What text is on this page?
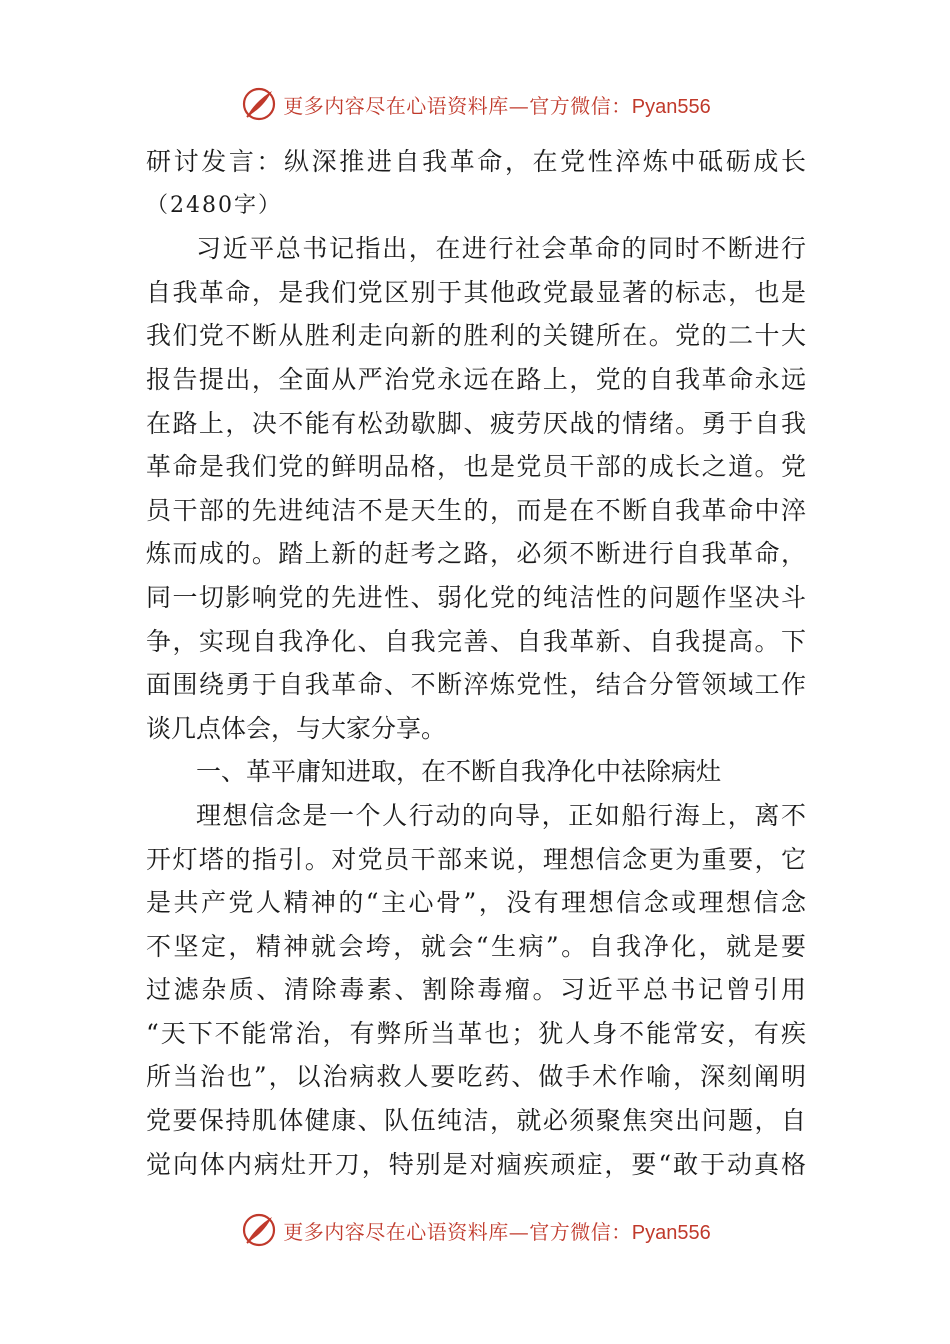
更多内容尽在心语资料库—官方微信：Pyan556
研讨发言：纵深推进自我革命，在党性淬炼中砥砺成长
（2480字）
习近平总书记指出，在进行社会革命的同时不断进行
自我革命，是我们党区别于其他政党最显著的标志，也是
我们党不断从胜利走向新的胜利的关键所在。党的二十大
报告提出，全面从严治党永远在路上，党的自我革命永远
在路上，决不能有松劲歇脚、疲劳厌战的情绪。勇于自我
革命是我们党的鲜明品格，也是党员干部的成长之道。党
员干部的先进纯洁不是天生的，而是在不断自我革命中淬
炼而成的。踏上新的赶考之路，必须不断进行自我革命，
同一切影响党的先进性、弱化党的纯洁性的问题作坚决斗
争，实现自我净化、自我完善、自我革新、自我提高。下
面围绕勇于自我革命、不断淬炼党性，结合分管领域工作
谈几点体会，与大家分享。
一、革平庸知进取，在不断自我净化中祛除病灶
理想信念是一个人行动的向导，正如船行海上，离不
开灯塔的指引。对党员干部来说，理想信念更为重要，它
是共产党人精神的“主心骨”，没有理想信念或理想信念
不坚定，精神就会垮，就会“生病”。自我净化，就是要
过滤杂质、清除毒素、割除毒瘤。习近平总书记曾引用
“天下不能常治，有弊所当革也；犹人身不能常安，有疾
所当治也”，以治病救人要吃药、做手术作喻，深刻阐明
党要保持肌体健康、队伍纯洁，就必须聚焦突出问题，自
觉向体内病灶开刀，特别是对痼疾顽症，要“敢于动真格
更多内容尽在心语资料库—官方微信：Pyan556
